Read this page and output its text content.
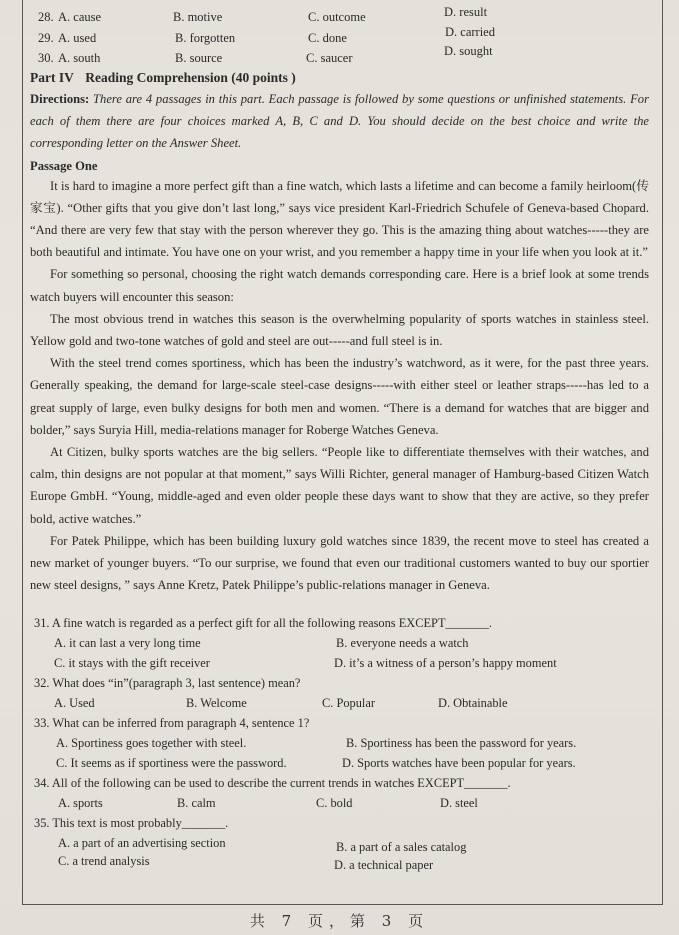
28. A. cause	B. motive	C. outcome	D. result
29. A. used	B. forgotten	C. done	D. carried
30. A. south	B. source	C. saucer	D. sought
Part IV Reading Comprehension (40 points )
Directions: There are 4 passages in this part. Each passage is followed by some questions or unfinished statements. For each of them there are four choices marked A, B, C and D. You should decide on the best choice and write the corresponding letter on the Answer Sheet.
Passage One

It is hard to imagine a more perfect gift than a fine watch, which lasts a lifetime and can become a family heirloom(传家宝). “Other gifts that you give don’t last long,” says vice president Karl-Friedrich Schufele of Geneva-based Chopard. “And there are very few that stay with the person wherever they go. This is the amazing thing about watches-----they are both beautiful and intimate. You have one on your wrist, and you remember a happy time in your life when you look at it.”

For something so personal, choosing the right watch demands corresponding care. Here is a brief look at some trends watch buyers will encounter this season:

The most obvious trend in watches this season is the overwhelming popularity of sports watches in stainless steel. Yellow gold and two-tone watches of gold and steel are out-----and full steel is in.

With the steel trend comes sportiness, which has been the industry’s watchword, as it were, for the past three years. Generally speaking, the demand for large-scale steel-case designs-----with either steel or leather straps-----has led to a great supply of large, even bulky designs for both men and women. “There is a demand for watches that are bigger and bolder,” says Suryia Hill, media-relations manager for Roberge Watches Geneva.

At Citizen, bulky sports watches are the big sellers. “People like to differentiate themselves with their watches, and calm, thin designs are not popular at that moment,” says Willi Richter, general manager of Hamburg-based Citizen Watch Europe GmbH. “Young, middle-aged and even older people these days want to show that they are active, so they prefer bold, active watches.”

For Patek Philippe, which has been building luxury gold watches since 1839, the recent move to steel has created a new market of younger buyers. “To our surprise, we found that even our traditional customers wanted to buy our sportier new steel designs, ” says Anne Kretz, Patek Philippe’s public-relations manager in Geneva.

31. A fine watch is regarded as a perfect gift for all the following reasons EXCEPT_______.
A. it can last a very long time	B. everyone needs a watch
C. it stays with the gift receiver	D. it’s a witness of a person’s happy moment
32. What does “in”(paragraph 3, last sentence) mean?
A. Used	B. Welcome	C. Popular	D. Obtainable
33. What can be inferred from paragraph 4, sentence 1?
A. Sportiness goes together with steel.	B. Sportiness has been the password for years.
C. It seems as if sportiness were the password.	D. Sports watches have been popular for years.
34. All of the following can be used to describe the current trends in watches EXCEPT_______.
A. sports	B. calm	C. bold	D. steel
35. This text is most probably_______.
A. a part of an advertising section	B. a part of a sales catalog
C. a trend analysis	D. a technical paper
共 7 页，第 3 页
